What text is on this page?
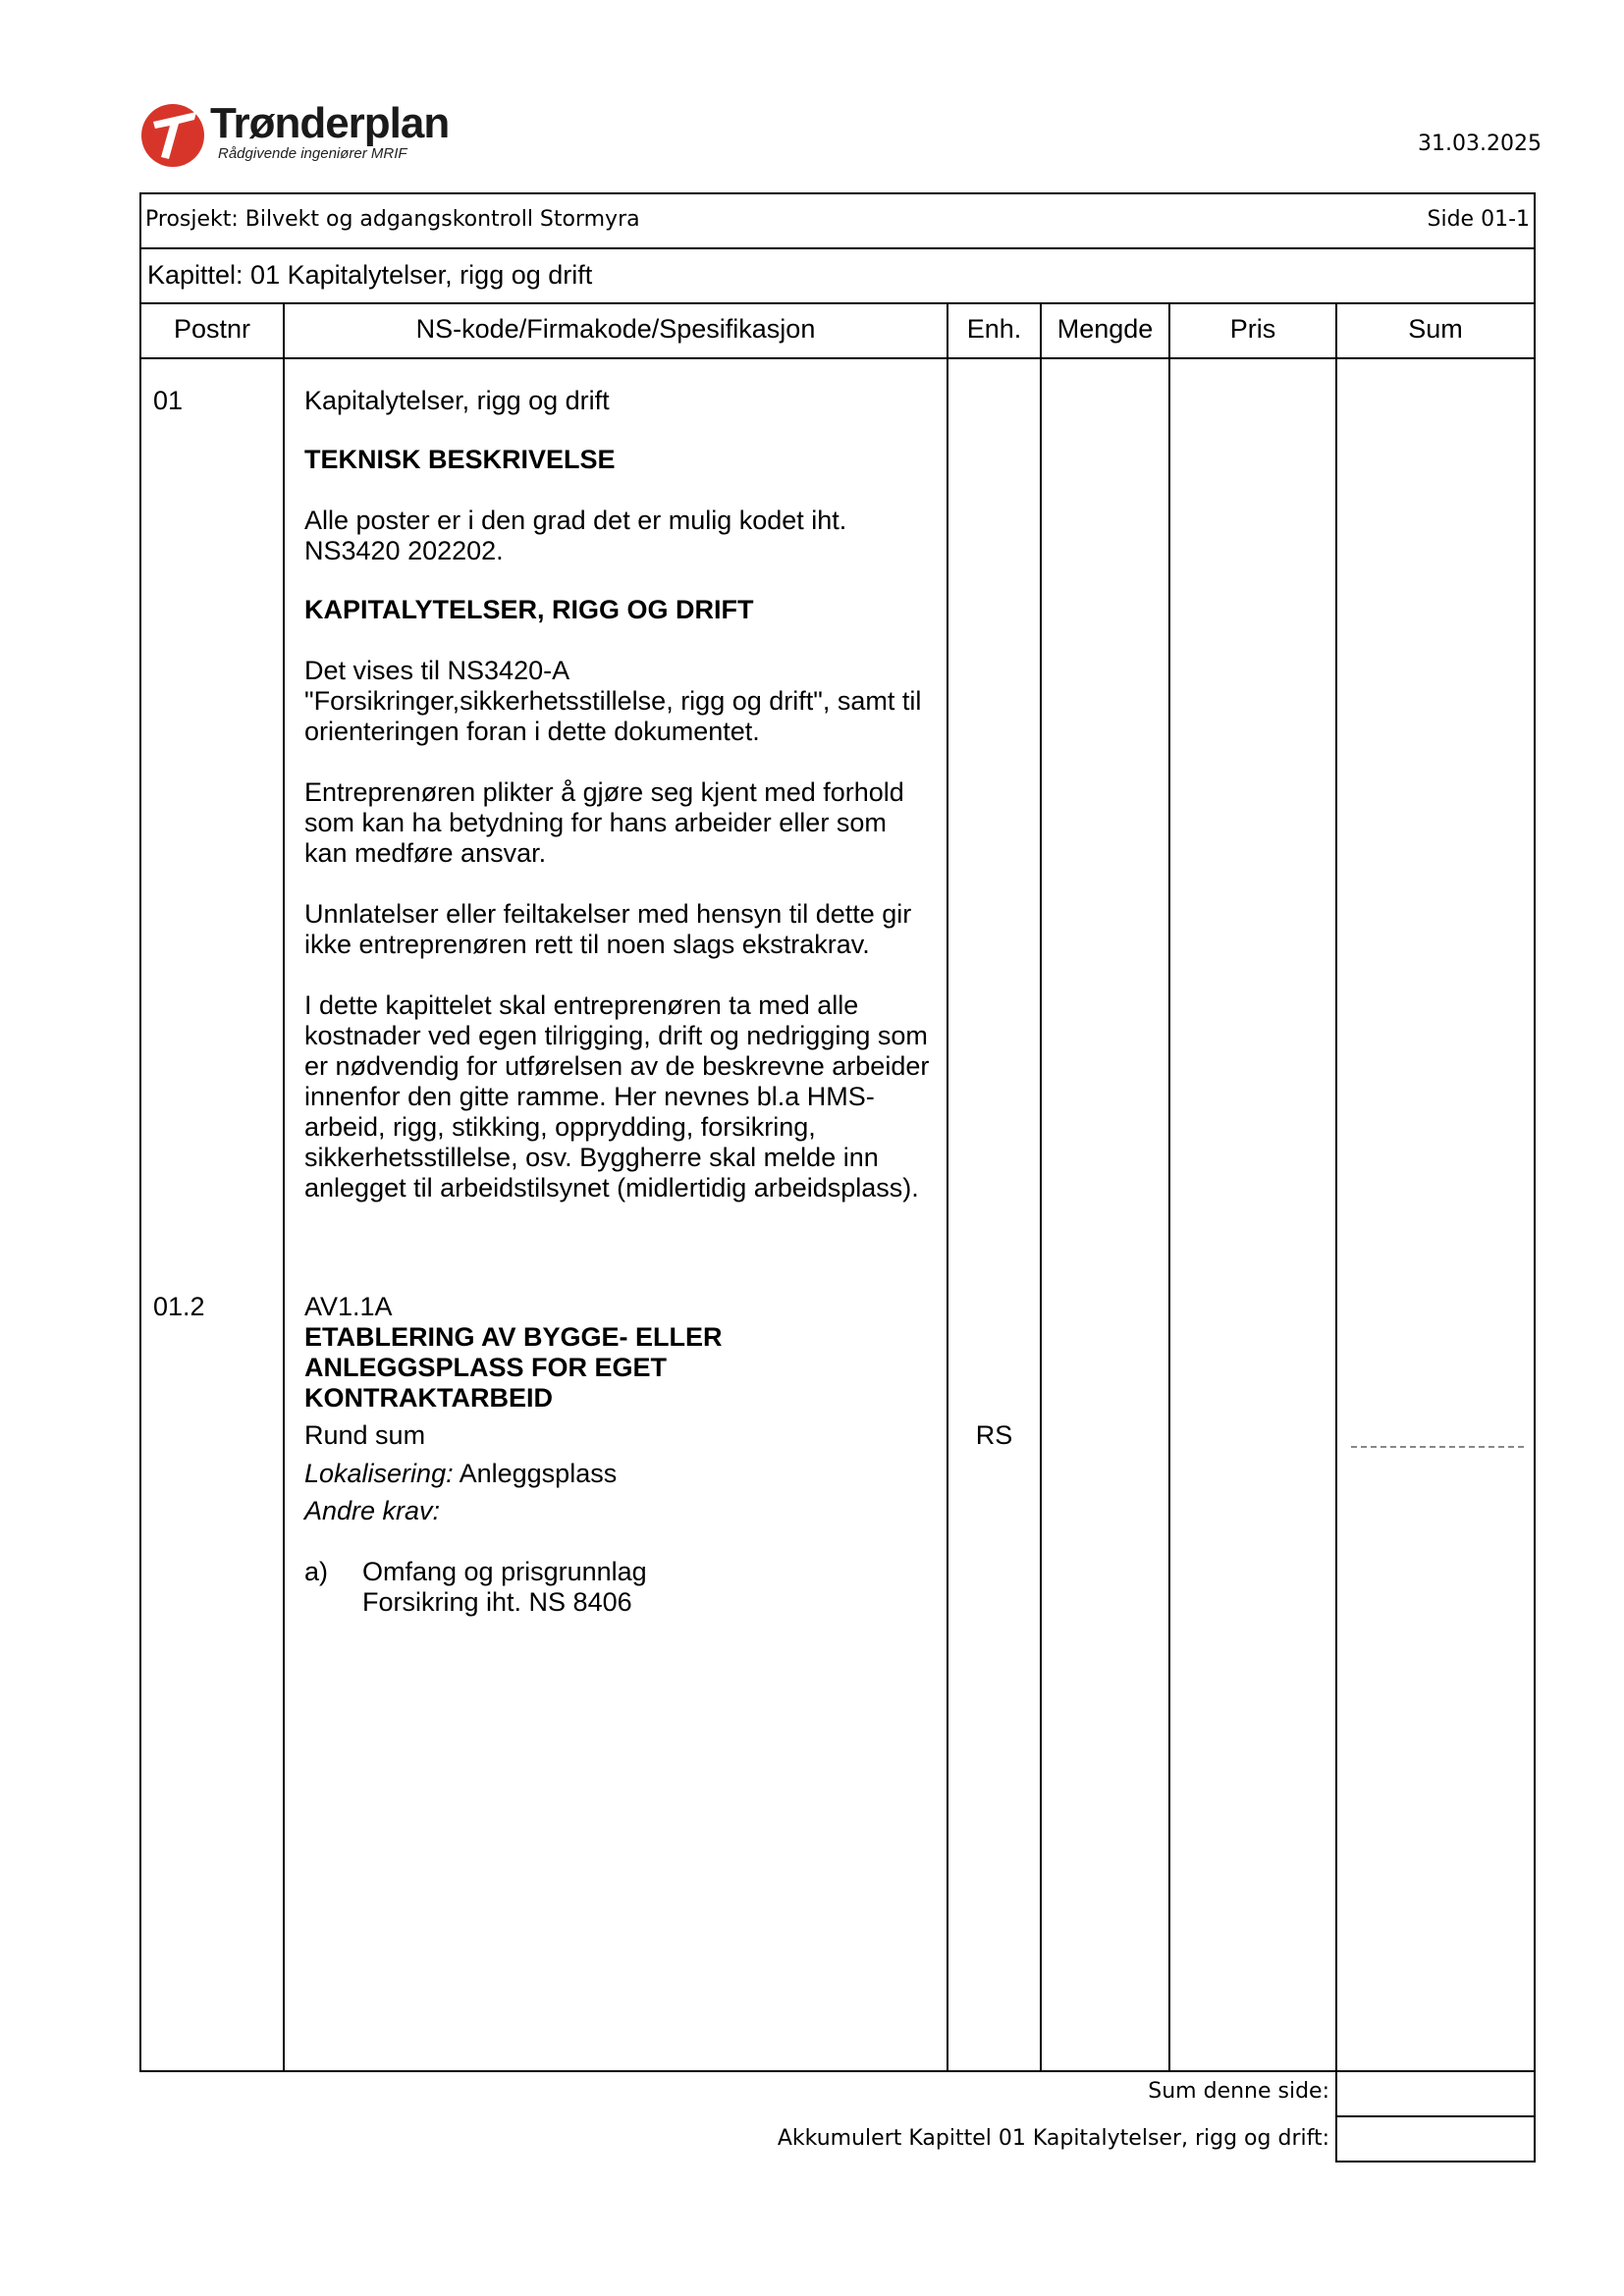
Trønderplan
Rådgivende ingeniører MRIF	31.03.2025
Prosjekt: Bilvekt og adgangskontroll Stormyra	Side 01-1
Kapittel: 01 Kapitalytelser, rigg og drift
Postnr	NS-kode/Firmakode/Spesifikasjon	Enh.	Mengde	Pris	Sum
01	Kapitalytelser, rigg og drift
TEKNISK BESKRIVELSE
Alle poster er i den grad det er mulig kodet iht.
NS3420 202202.
KAPITALYTELSER, RIGG OG DRIFT
Det vises til NS3420-A
"Forsikringer,sikkerhetsstillelse, rigg og drift", samt til
orienteringen foran i dette dokumentet.
Entreprenøren plikter å gjøre seg kjent med forhold
som kan ha betydning for hans arbeider eller som
kan medføre ansvar.
Unnlatelser eller feiltakelser med hensyn til dette gir
ikke entreprenøren rett til noen slags ekstrakrav.
I dette kapittelet skal entreprenøren ta med alle
kostnader ved egen tilrigging, drift og nedrigging som
er nødvendig for utførelsen av de beskrevne arbeider
innenfor den gitte ramme. Her nevnes bl.a HMS-
arbeid, rigg, stikking, opprydding, forsikring,
sikkerhetsstillelse, osv. Byggherre skal melde inn
anlegget til arbeidstilsynet (midlertidig arbeidsplass).
01.2	AV1.1A
ETABLERING AV BYGGE- ELLER
ANLEGGSPLASS FOR EGET
KONTRAKTARBEID
Rund sum	RS
Lokalisering: Anleggsplass
Andre krav:
a) Omfang og prisgrunnlag
Forsikring iht. NS 8406
Sum denne side:
Akkumulert Kapittel 01 Kapitalytelser, rigg og drift:
